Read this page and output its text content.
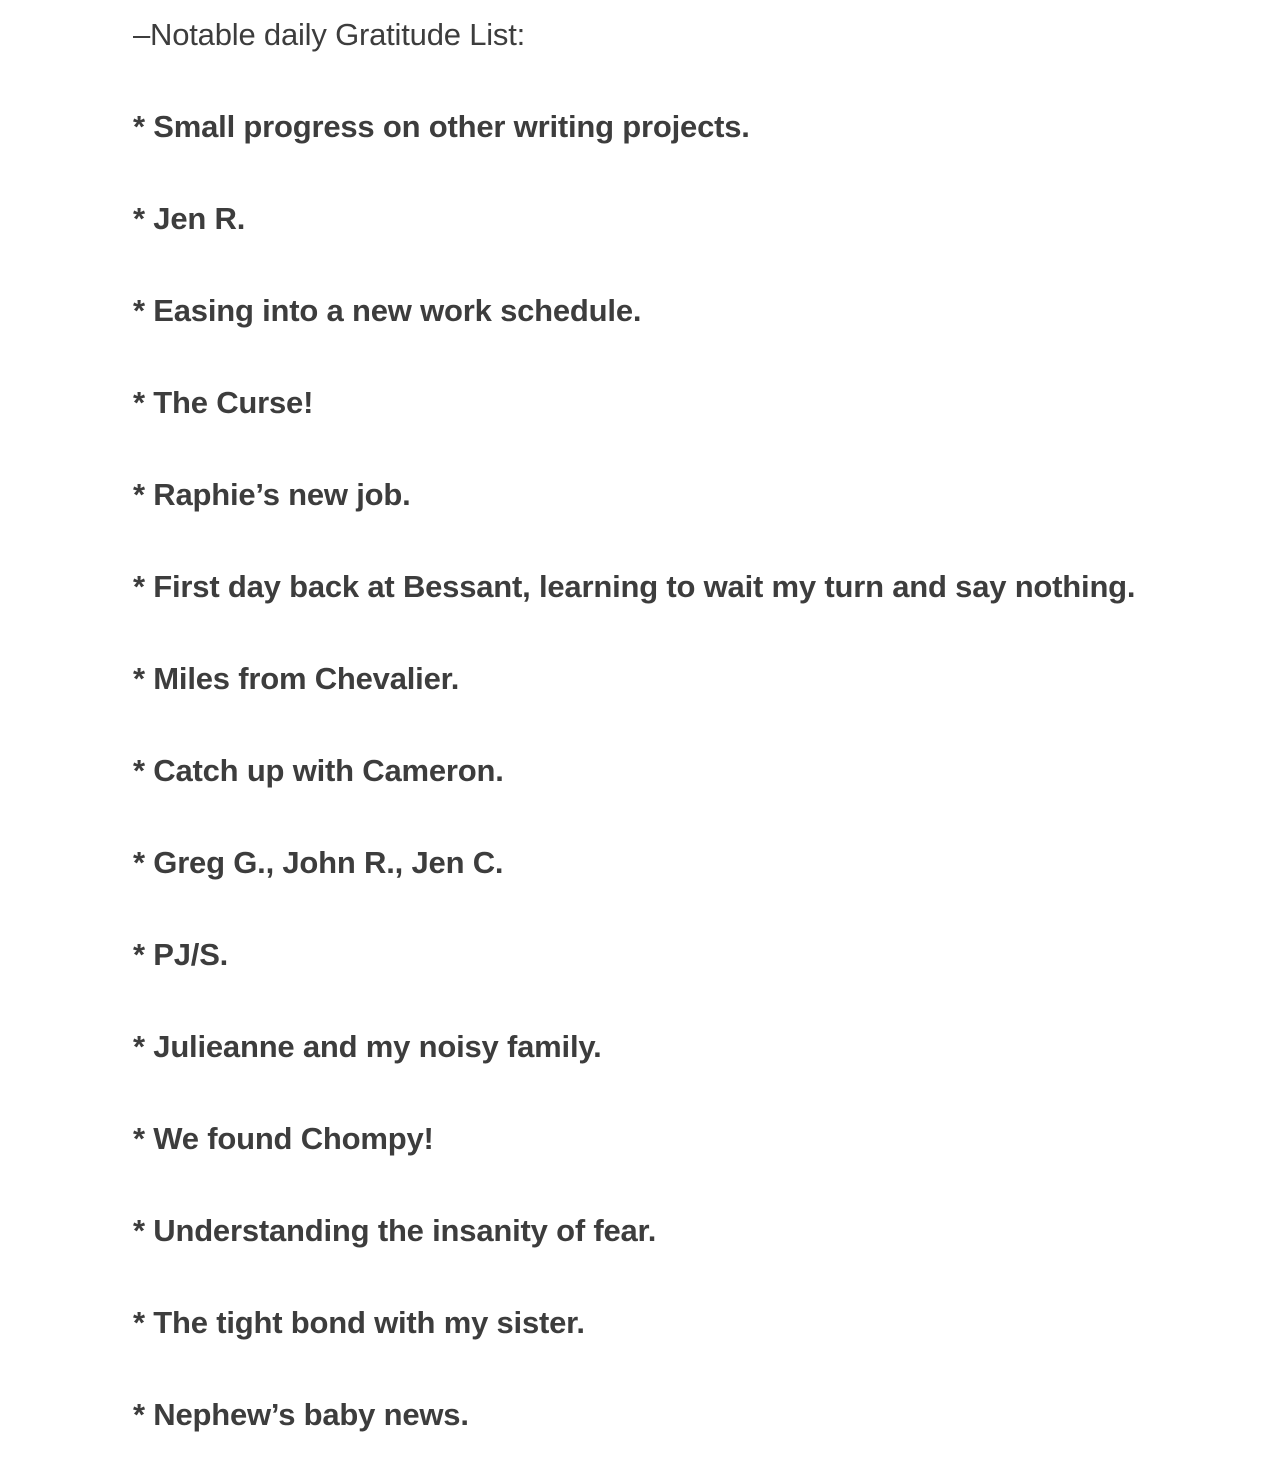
–Notable daily Gratitude List:

* Small progress on other writing projects.
* Jen R.
* Easing into a new work schedule.
* The Curse!
* Raphie’s new job.
* First day back at Bessant, learning to wait my turn and say nothing.
* Miles from Chevalier.
* Catch up with Cameron.
* Greg G., John R., Jen C.
* PJ/S.
* Julieanne and my noisy family.
* We found Chompy!
* Understanding the insanity of fear.
* The tight bond with my sister.
* Nephew’s baby news.
